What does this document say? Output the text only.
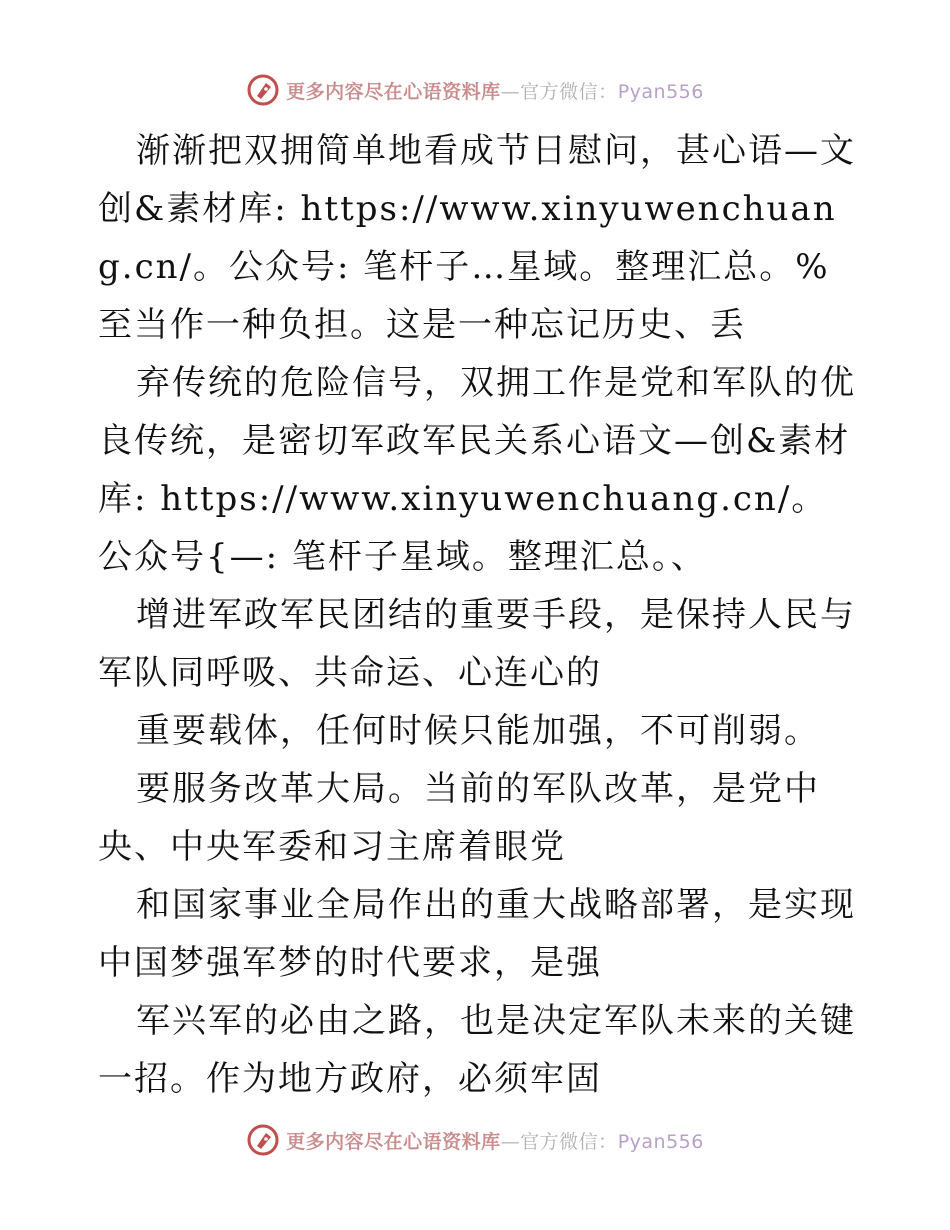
更多内容尽在心语资料库—官方微信：Pyan556

渐渐把双拥简单地看成节日慰问，甚心语—文创&素材库: https://www.xinyuwenchuang.cn/。公众号: 笔杆子…星域。整理汇总。%至当作一种负担。这是一种忘记历史、丢

弃传统的危险信号，双拥工作是党和军队的优良传统，是密切军政军民关系心语文—创&素材库: https://www.xinyuwenchuang.cn/。公众号{—: 笔杆子星域。整理汇总。、

增进军政军民团结的重要手段，是保持人民与军队同呼吸、共命运、心连心的

重要载体，任何时候只能加强，不可削弱。

要服务改革大局。当前的军队改革，是党中央、中央军委和习主席着眼党

和国家事业全局作出的重大战略部署，是实现中国梦强军梦的时代要求，是强

军兴军的必由之路，也是决定军队未来的关键一招。作为地方政府，必须牢固

更多内容尽在心语资料库—官方微信：Pyan556
